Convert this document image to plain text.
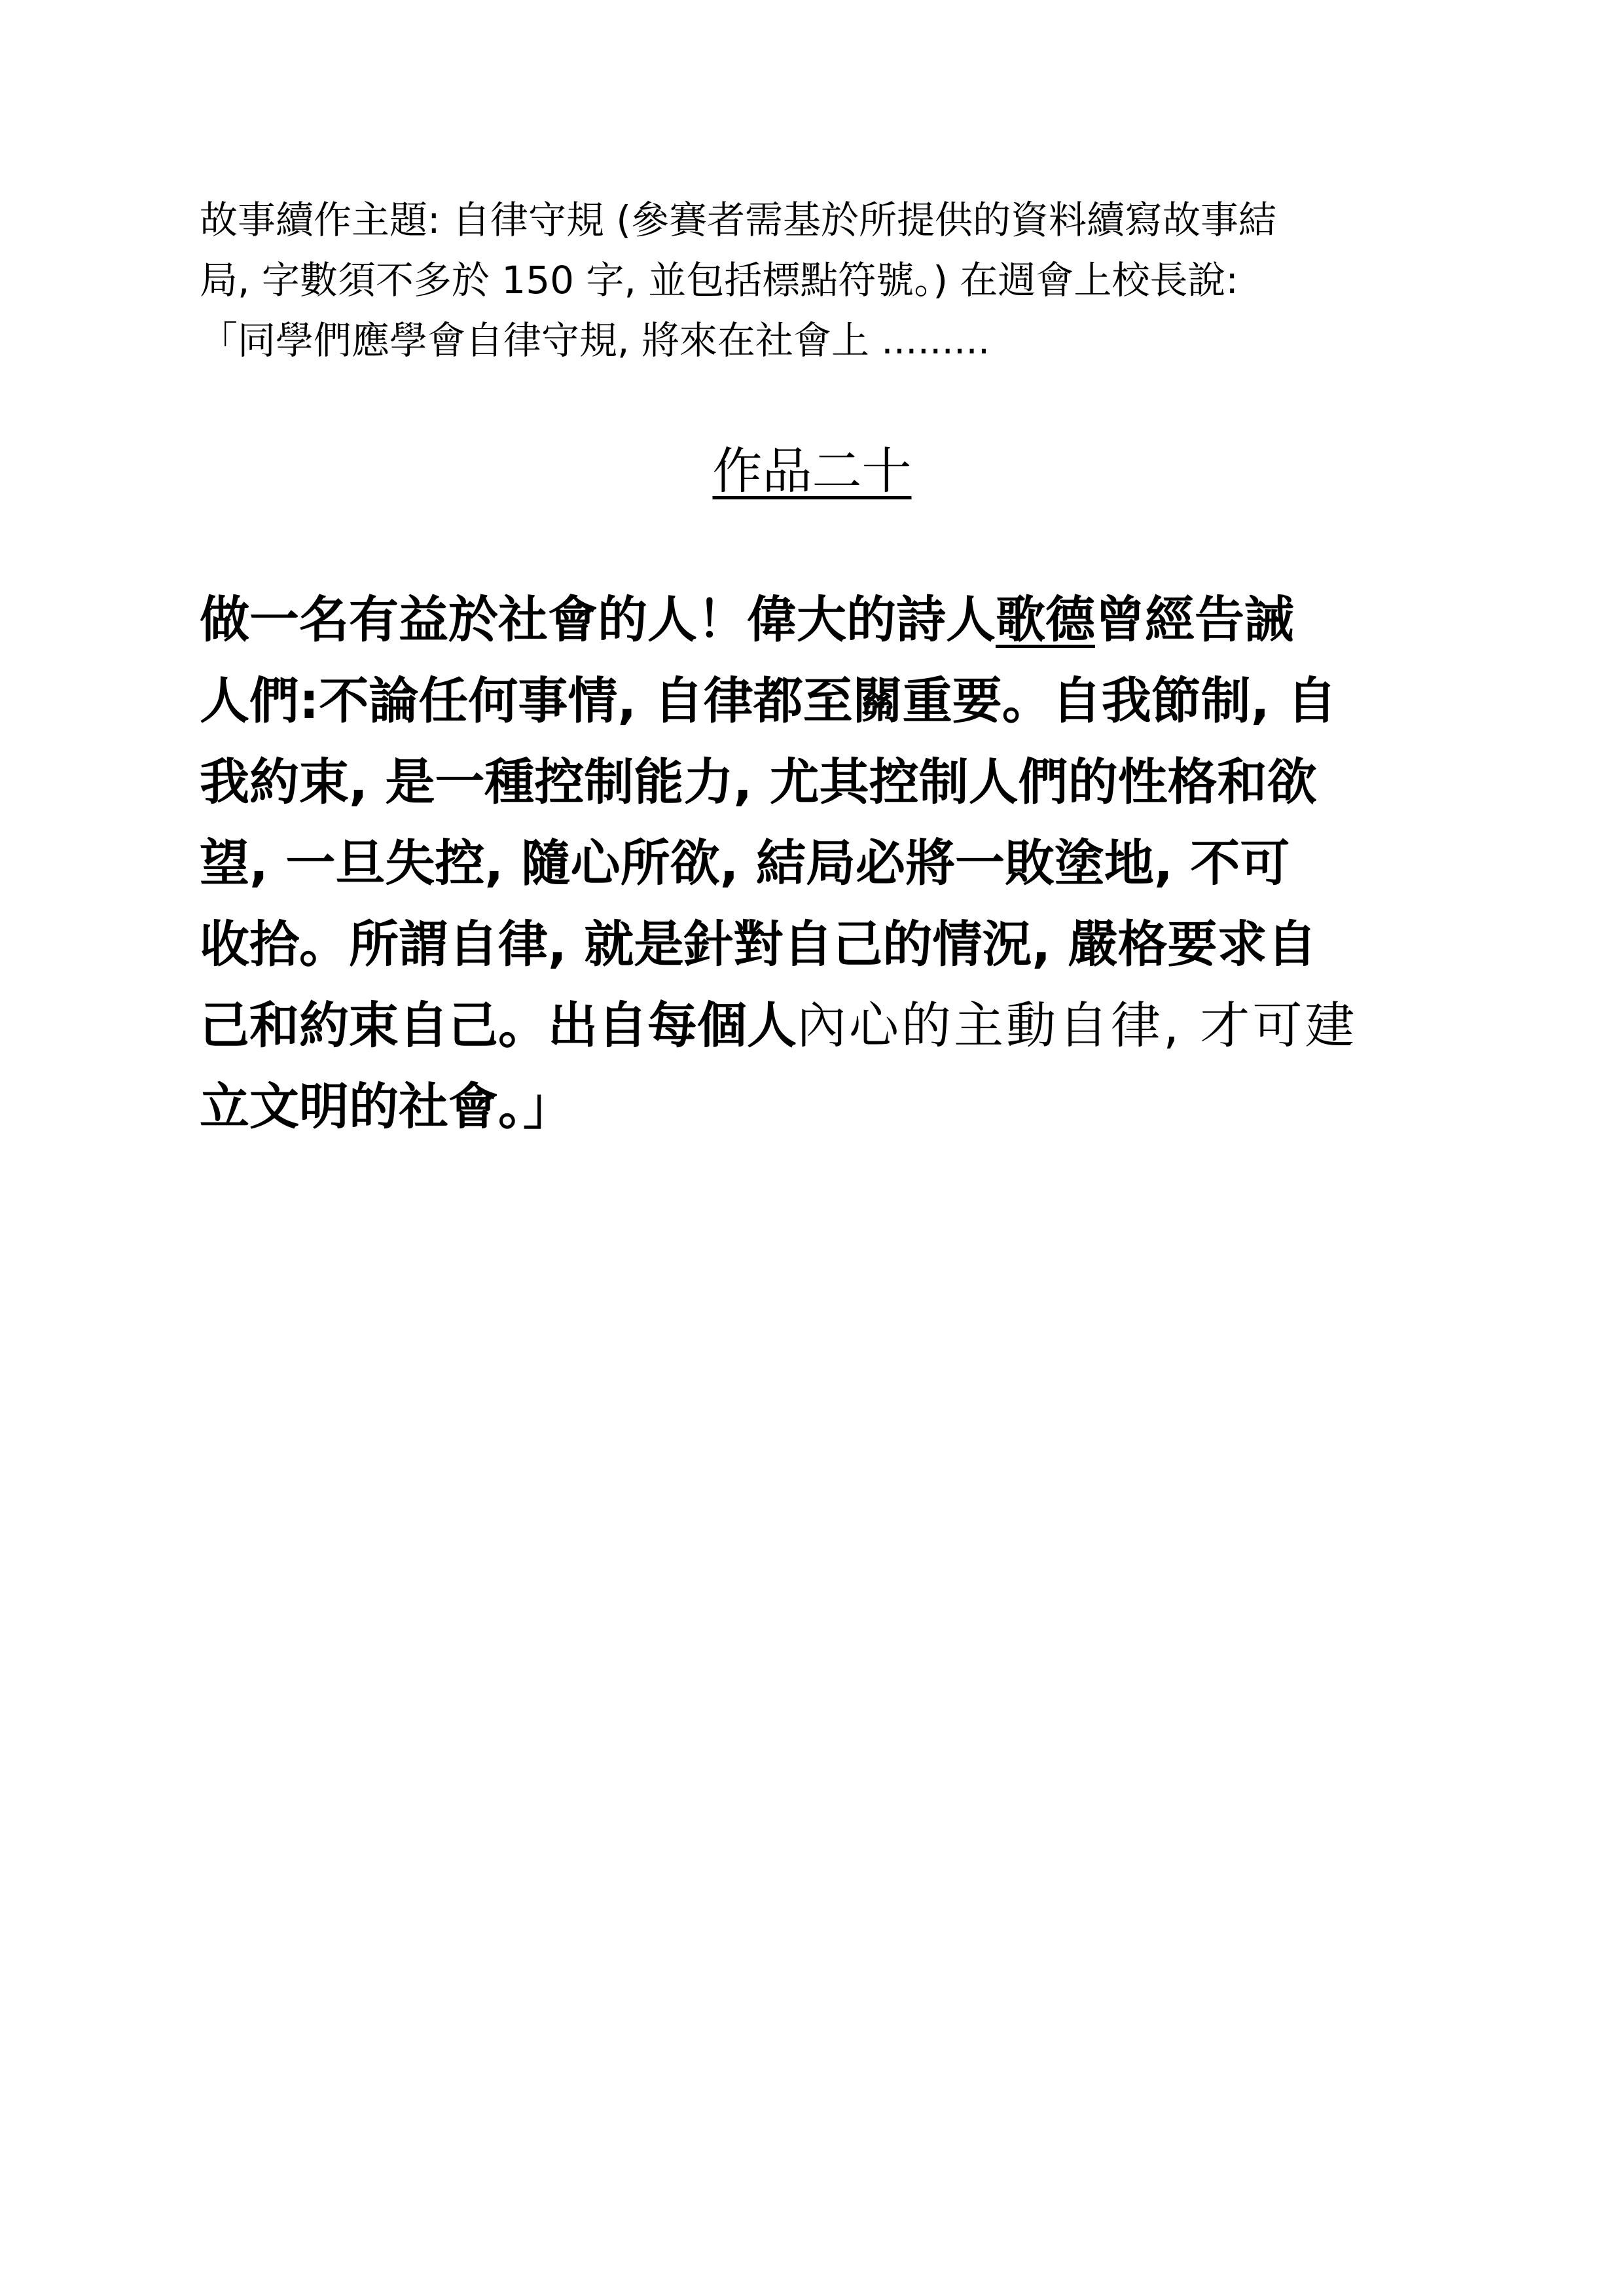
故事續作主題: 自律守規 (參賽者需基於所提供的資料續寫故事結
局, 字數須不多於 150 字, 並包括標點符號。) 在週會上校長說:
「同學們應學會自律守規, 將來在社會上 .........
作品二十
做一名有益於社會的人！偉大的詩人歌德曾經告誡
人們:不論任何事情, 自律都至關重要。自我節制, 自
我約束, 是一種控制能力, 尤其控制人們的性格和欲
望, 一旦失控, 隨心所欲, 結局必將一敗塗地, 不可
收拾。所謂自律, 就是針對自己的情況, 嚴格要求自
己和約束自己。出自每個人內心的主動自律, 才可建
立文明的社會。」
